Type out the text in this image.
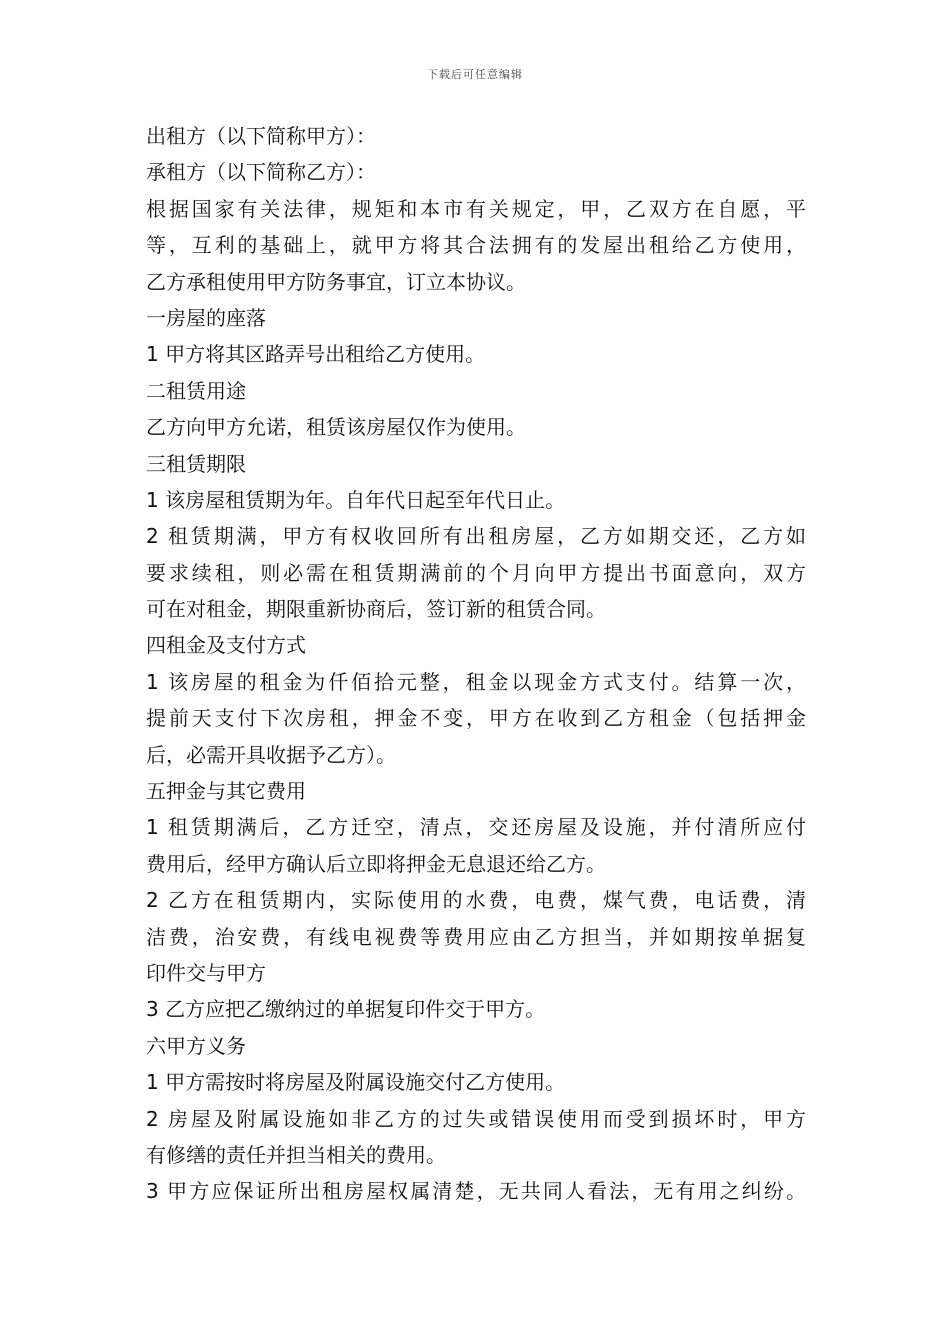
下载后可任意编辑
出租方（以下简称甲方）：
承租方（以下简称乙方）：
根据国家有关法律，规矩和本市有关规定，甲，乙双方在自愿，平
等，互利的基础上，就甲方将其合法拥有的发屋出租给乙方使用，
乙方承租使用甲方防务事宜，订立本协议。
一房屋的座落
1 甲方将其区路弄号出租给乙方使用。
二租赁用途
乙方向甲方允诺，租赁该房屋仅作为使用。
三租赁期限
1 该房屋租赁期为年。自年代日起至年代日止。
2 租赁期满，甲方有权收回所有出租房屋，乙方如期交还，乙方如
要求续租，则必需在租赁期满前的个月向甲方提出书面意向，双方
可在对租金，期限重新协商后，签订新的租赁合同。
四租金及支付方式
1 该房屋的租金为仟佰拾元整，租金以现金方式支付。结算一次，
提前天支付下次房租，押金不变，甲方在收到乙方租金（包括押金
后，必需开具收据予乙方）。
五押金与其它费用
1 租赁期满后，乙方迁空，清点，交还房屋及设施，并付清所应付
费用后，经甲方确认后立即将押金无息退还给乙方。
2 乙方在租赁期内，实际使用的水费，电费，煤气费，电话费，清
洁费，治安费，有线电视费等费用应由乙方担当，并如期按单据复
印件交与甲方
3 乙方应把乙缴纳过的单据复印件交于甲方。
六甲方义务
1 甲方需按时将房屋及附属设施交付乙方使用。
2 房屋及附属设施如非乙方的过失或错误使用而受到损坏时，甲方
有修缮的责任并担当相关的费用。
3 甲方应保证所出租房屋权属清楚，无共同人看法，无有用之纠纷。
